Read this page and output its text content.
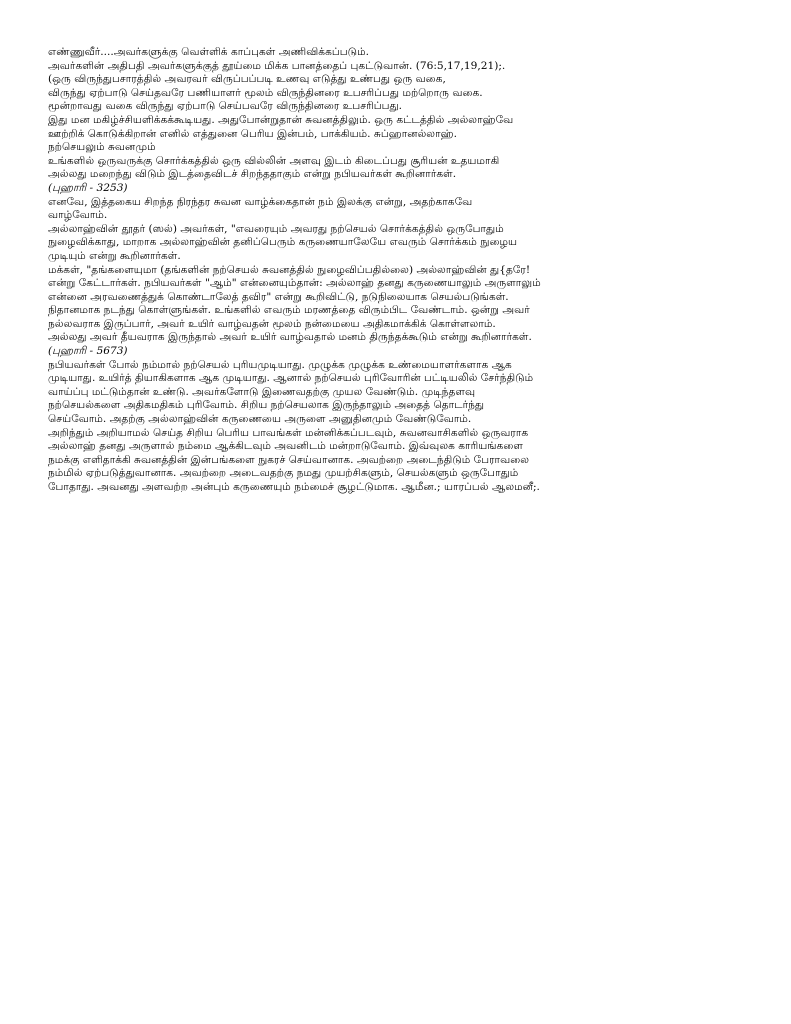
எண்ணுவீர்....அவர்களுக்கு வெள்ளிக் காப்புகள் அணிவிக்கப்படும்.
அவர்களின் அதிபதி அவர்களுக்குத் தூய்மை மிக்க பானத்தைப் புகட்டுவான். (76:5,17,19,21);.
(ஒரு விருந்துபசாரத்தில் அவரவர் விருப்பப்படி உணவு எடுத்து உண்பது ஒரு வகை,
விருந்து ஏற்பாடு செய்தவரே பணியாளர் மூலம் விருந்தினரை உபசரிப்பது மற்றொரு வகை.
மூன்றாவது வகை விருந்து ஏற்பாடு செய்பவரே விருந்தினரை உபசரிப்பது.
இது மன மகிழ்ச்சியளிக்கக்கூடியது. அதுபோன்றுதான் சுவனத்திலும். ஒரு கட்டத்தில் அல்லாஹ்வே
ஊற்றிக் கொடுக்கிறான் எனில் எத்துனை பெரிய இன்பம், பாக்கியம். சுப்ஹானல்லாஹ்.
நற்செயலும் சுவனமும்
உங்களில் ஒருவருக்கு சொர்க்கத்தில் ஒரு வில்லின் அளவு இடம் கிடைப்பது சூரியன் உதயமாகி
அல்லது மறைந்து விடும் இடத்தைவிடச் சிறந்ததாகும் என்று நபியவர்கள் கூறினார்கள்.
(புஹாரி - 3253)
எனவே, இத்தகைய சிறந்த நிரந்தர சுவன வாழ்க்கைதான் நம் இலக்கு என்று, அதற்காகவே
வாழ்வோம்.
அல்லாஹ்வின் தூதர் (ஸல்) அவர்கள், "எவரையும் அவரது நற்செயல் சொர்க்கத்தில் ஒருபோதும்
நுழைவிக்காது, மாறாக அல்லாஹ்வின் தனிப்பெரும் கருணையாலேயே எவரும் சொர்க்கம் நுழைய
முடியும் என்று கூறினார்கள்.
மக்கள், "தங்களையுமா (தங்களின் நற்செயல் சுவனத்தில் நுழைவிப்பதில்லை) அல்லாஹ்வின் து{தரே!
என்று கேட்டார்கள். நபியவர்கள் "ஆம்" என்னையும்தான்: அல்லாஹ் தனது கருணையாலும் அருளாலும்
என்னை அரவணைத்துக் கொண்டாலேத் தவிர" என்று கூறிவிட்டு, நடுநிலையாக செயல்படுங்கள்.
நிதானமாக நடந்து கொள்ளுங்கள். உங்களில் எவரும் மரணத்தை விரும்பிட வேண்டாம். ஒன்று அவர்
நல்லவராக இருப்பார், அவர் உயிர் வாழ்வதன் மூலம் நன்மையை அதிகமாக்கிக் கொள்ளலாம்.
அல்லது அவர் தீயவராக இருந்தால் அவர் உயிர் வாழ்வதால் மனம் திருந்தக்கூடும் என்று கூறினார்கள்.
(புஹாரி - 5673)
நபியவர்கள் போல் நம்மால் நற்செயல் புரியமுடியாது. முழுக்க முழுக்க உண்மையாளர்களாக ஆக
முடியாது. உயிர்த் தியாகிகளாக ஆக முடியாது. ஆனால் நற்செயல் புரிவோரின் பட்டியலில் சேர்ந்திடும்
வாய்ப்பு மட்டும்தான் உண்டு. அவர்களோடு இணைவதற்கு முயல வேண்டும். முடிந்தளவு
நற்செயல்களை அதிகமதிகம் புரிவோம். சிறிய நற்செயலாக இருந்தாலும் அதைத் தொடர்ந்து
செய்வோம். அதற்கு அல்லாஹ்வின் கருணையை அருளை அனுதினமும் வேண்டுவோம்.
அறிந்தும் அறியாமல் செய்த சிறிய பெரிய பாவங்கள் மன்னிக்கப்படவும், சுவனவாசிகளில் ஒருவராக
அல்லாஹ் தனது அருளால் நம்மை ஆக்கிடவும் அவனிடம் மன்றாடுவோம். இவ்வுலக காரியங்களை
நமக்கு எளிதாக்கி சுவனத்தின் இன்பங்களை நுகரச் செய்வானாக. அவற்றை அடைந்திடும் பேராவலை
நம்மில் ஏற்படுத்துவானாக. அவற்றை அடைவதற்கு நமது முயற்சிகளும், செயல்களும் ஒருபோதும்
போதாது. அவனது அளவற்ற அன்பும் கருணையும் நம்மைச் சூழட்டுமாக. ஆமீன.; யாரப்பல் ஆலமனீ;.
